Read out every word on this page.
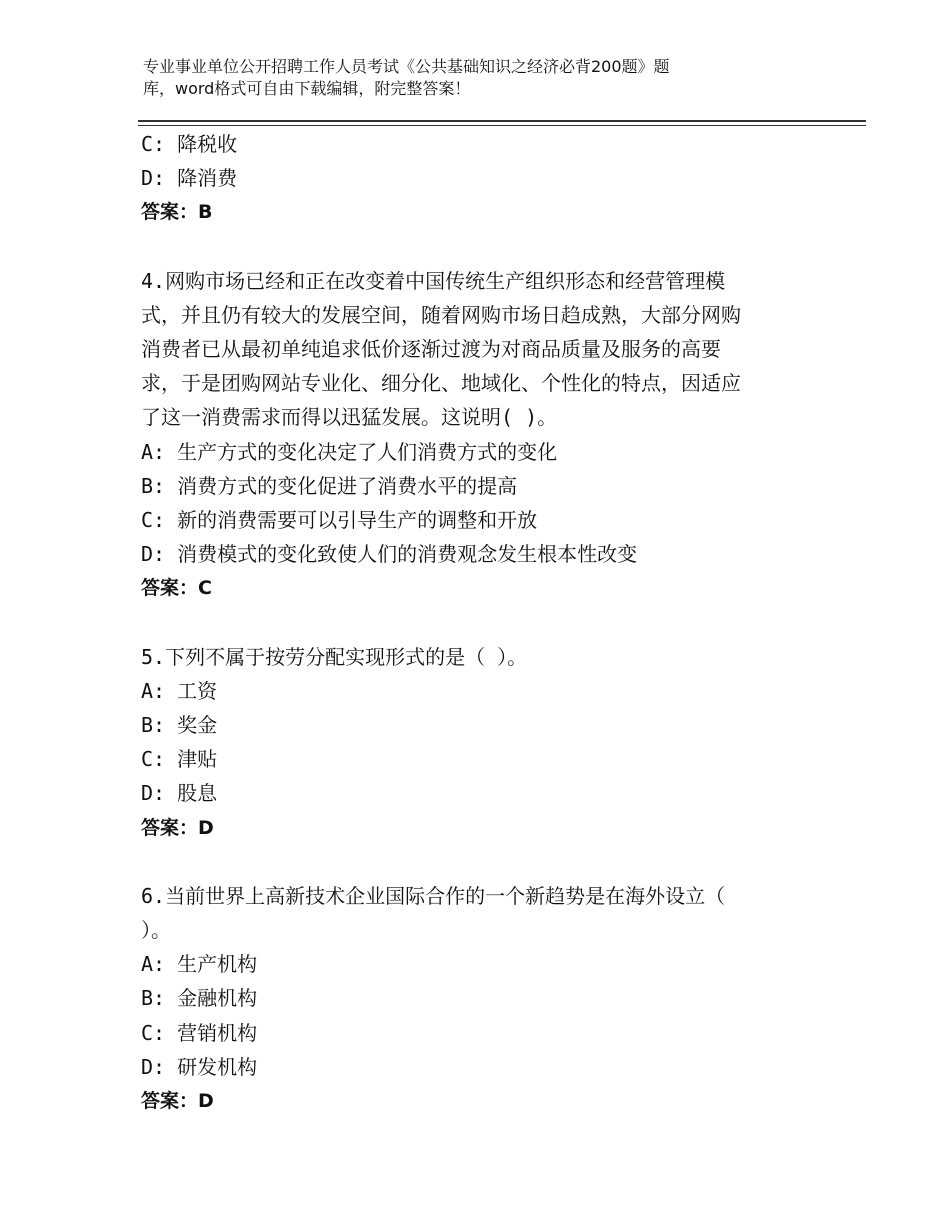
专业事业单位公开招聘工作人员考试《公共基础知识之经济必背200题》题
库，word格式可自由下载编辑，附完整答案！
C: 降税收
D: 降消费
答案：B
4.网购市场已经和正在改变着中国传统生产组织形态和经营管理模
式，并且仍有较大的发展空间，随着网购市场日趋成熟，大部分网购
消费者已从最初单纯追求低价逐渐过渡为对商品质量及服务的高要
求，于是团购网站专业化、细分化、地域化、个性化的特点，因适应
了这一消费需求而得以迅猛发展。这说明( )。
A: 生产方式的变化决定了人们消费方式的变化
B: 消费方式的变化促进了消费水平的提高
C: 新的消费需要可以引导生产的调整和开放
D: 消费模式的变化致使人们的消费观念发生根本性改变
答案：C
5.下列不属于按劳分配实现形式的是（ ）。
A: 工资
B: 奖金
C: 津贴
D: 股息
答案：D
6.当前世界上高新技术企业国际合作的一个新趋势是在海外设立（
）。
A: 生产机构
B: 金融机构
C: 营销机构
D: 研发机构
答案：D
